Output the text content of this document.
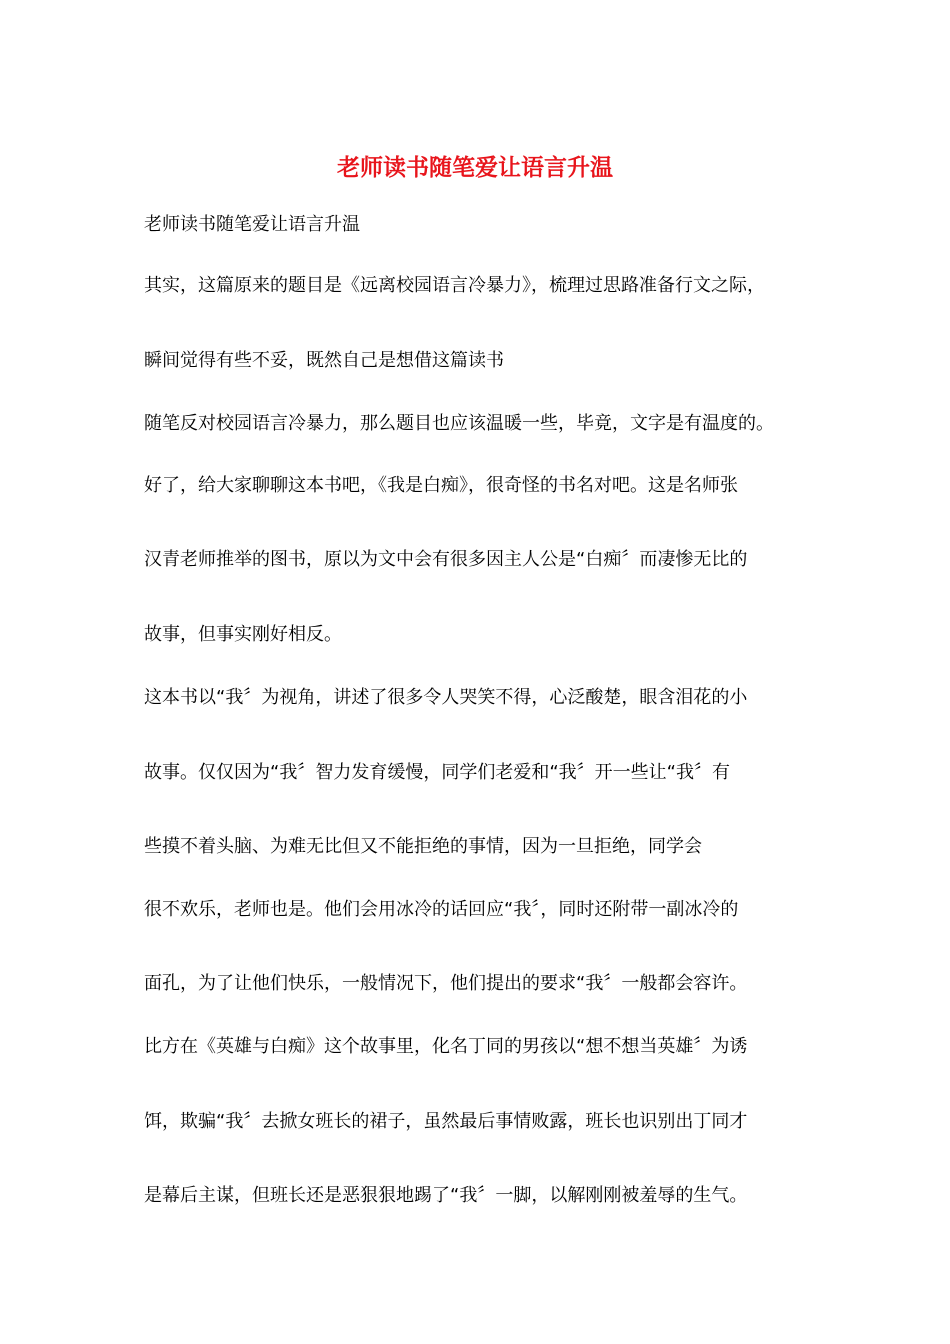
老师读书随笔爱让语言升温
老师读书随笔爱让语言升温
其实，这篇原来的题目是《远离校园语言冷暴力》，梳理过思路准备行文之际，
瞬间觉得有些不妥，既然自己是想借这篇读书
随笔反对校园语言冷暴力，那么题目也应该温暖一些，毕竟，文字是有温度的。
好了，给大家聊聊这本书吧，《我是白痴》，很奇怪的书名对吧。这是名师张
汉青老师推举的图书，原以为文中会有很多因主人公是“白痴〞而凄惨无比的
故事，但事实刚好相反。
这本书以“我〞为视角，讲述了很多令人哭笑不得，心泛酸楚，眼含泪花的小
故事。仅仅因为“我〞智力发育缓慢，同学们老爱和“我〞开一些让“我〞有
些摸不着头脑、为难无比但又不能拒绝的事情，因为一旦拒绝，同学会
很不欢乐，老师也是。他们会用冰冷的话回应“我〞，同时还附带一副冰冷的
面孔，为了让他们快乐，一般情况下，他们提出的要求“我〞一般都会容许。
比方在《英雄与白痴》这个故事里，化名丁同的男孩以“想不想当英雄〞为诱
饵，欺骗“我〞去掀女班长的裙子，虽然最后事情败露，班长也识别出丁同才
是幕后主谋，但班长还是恶狠狠地踢了“我〞一脚，以解刚刚被羞辱的生气。
